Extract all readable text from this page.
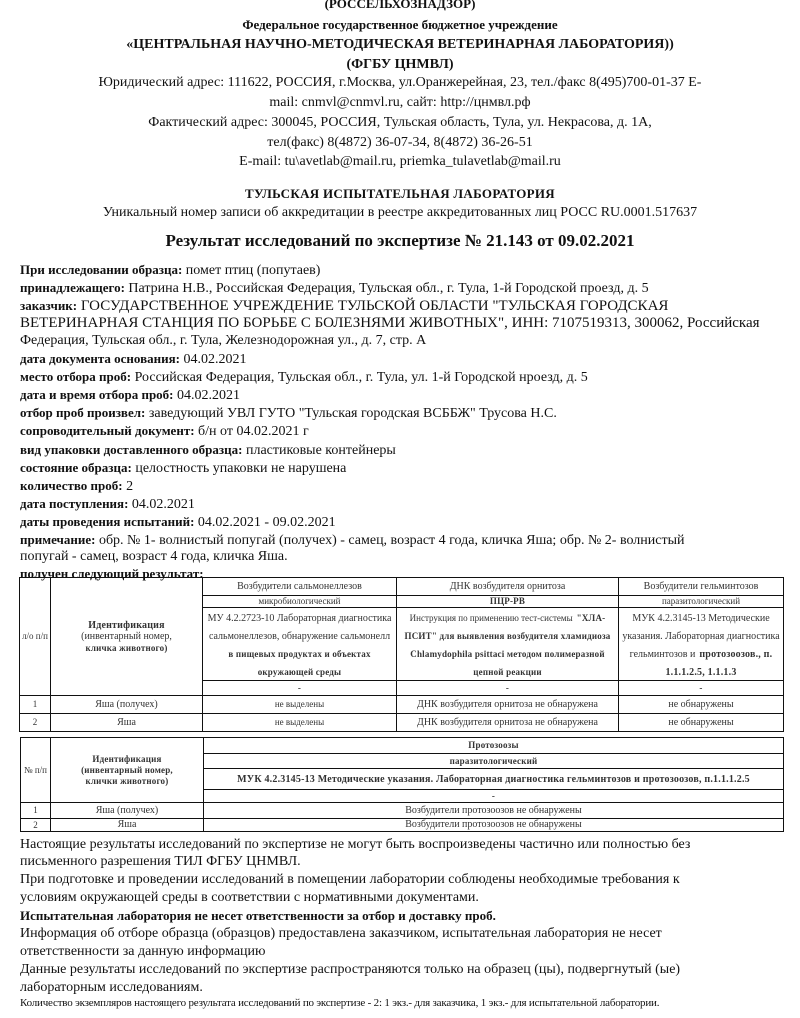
(РОССЕЛЬХОЗНАДЗОР)
Федеральное государственное бюджетное учреждение
«ЦЕНТРАЛЬНАЯ НАУЧНО-МЕТОДИЧЕСКАЯ ВЕТЕРИНАРНАЯ ЛАБОРАТОРИЯ))
(ФГБУ ЦНМВЛ)
Юридический адрес: 111622, РОССИЯ, г.Москва, ул.Оранжерейная, 23, тел./факс 8(495)700-01-37 E-
mail: cnmvl@cnmvl.ru, сайт: http://цнмвл.рф
Фактический адрес: 300045, РОССИЯ, Тульская область, Тула, ул. Некрасова, д. 1А,
тел(факс) 8(4872) 36-07-34, 8(4872) 36-26-51
E-mail: tu\avetlab@mail.ru, priemka_tulavetlab@mail.ru
ТУЛЬСКАЯ ИСПЫТАТЕЛЬНАЯ ЛАБОРАТОРИЯ
Уникальный номер записи об аккредитации в реестре аккредитованных лиц РОСС RU.0001.517637
Результат исследований по экспертизе № 21.143 от 09.02.2021
При исследовании образца: помет птиц (попутаев)
принадлежащего: Патрина Н.В., Российская Федерация, Тульская обл., г. Тула, 1-й Городской проезд, д. 5
заказчик: ГОСУДАРСТВЕННОЕ УЧРЕЖДЕНИЕ ТУЛЬСКОЙ ОБЛАСТИ "ТУЛЬСКАЯ ГОРОДСКАЯ
ВЕТЕРИНАРНАЯ СТАНЦИЯ ПО БОРЬБЕ С БОЛЕЗНЯМИ ЖИВОТНЫХ", ИНН: 7107519313, 300062, Российская
Федерация, Тульская обл., г. Тула, Железнодорожная ул., д. 7, стр. А
дата документа основания: 04.02.2021
место отбора проб: Российская Федерация, Тульская обл., г. Тула, ул. 1-й Городской нроезд, д. 5
дата и время отбора проб: 04.02.2021
отбор проб произвел: заведующий УВЛ ГУТО "Тульская городская ВСББЖ" Трусова Н.С.
сопроводительный документ: б/н от 04.02.2021 г
вид упаковки доставленного образца: пластиковые контейнеры
состояние образца: целостность упаковки не нарушена
количество проб: 2
дата поступления: 04.02.2021
даты проведения испытаний: 04.02.2021 - 09.02.2021
примечание: обр. № 1- волнистый попугай (получех) - самец, возраст 4 года, кличка Яша; обр. № 2- волнистый
попугай - самец, возраст 4 года, кличка Яша.
получен следующий результат:
л/о п/п	Идентификация
(инвентарный номер,
кличка животного)	Возбудители сальмонеллезов	ДНК возбудителя орнитоза	Возбудители гельминтозов
		микробиологический	ПЦР-РВ	паразитологический
		МУ 4.2.2723-10 Лабораторная диагностика сальмонеллезов, обнаружение сальмонелл в пищевых продуктах и объектах окружающей среды	Инструкция по применению тест-системы "ХЛА-ПСИТ" для выявления возбудителя хламидиоза Chlamydophila psittaci методом полимеразной цепной реакции	МУК 4.2.3145-13 Методические указания. Лабораторная диагностика гельминтозов и протозоозов., п. 1.1.1.2.5, 1.1.1.3
		-	-	-
1	Яша (получех)	не выделены	ДНК возбудителя орнитоза не обнаружена	не обнаружены
2	Яша	не выделены	ДНК возбудителя орнитоза не обнаружена	не обнаружены
№ п/п	Идентификация
(инвентарный номер,
клички животного)	Протозоозы
		паразитологический
		МУК 4.2.3145-13 Методические указания. Лабораторная диагностика гельминтозов и протозоозов, п.1.1.1.2.5
		-
1	Яша (получех)	Возбудители протозоозов не обнаружены
2	Яша	Возбудители протозоозов не обнаружены
Настоящие результаты исследований по экспертизе не могут быть воспроизведены частично или полностью без
письменного разрешения ТИЛ ФГБУ ЦНМВЛ.
При подготовке и проведении исследований в помещении лаборатории соблюдены необходимые требования к
условиям окружающей среды в соответствии с нормативными документами.
Испытательная лаборатория не несет ответственности за отбор и доставку проб.
Информация об отборе образца (образцов) предоставлена заказчиком, испытательная лаборатория не несет
ответственности за данную информацию
Данные результаты исследований по экспертизе распространяются только на образец (цы), подвергнутый (ые)
лабораторным исследованиям.
Количество экземпляров настоящего результата исследований по экспертизе - 2: 1 экз.- для заказчика, 1 экз.- для испытательной лаборатории.
